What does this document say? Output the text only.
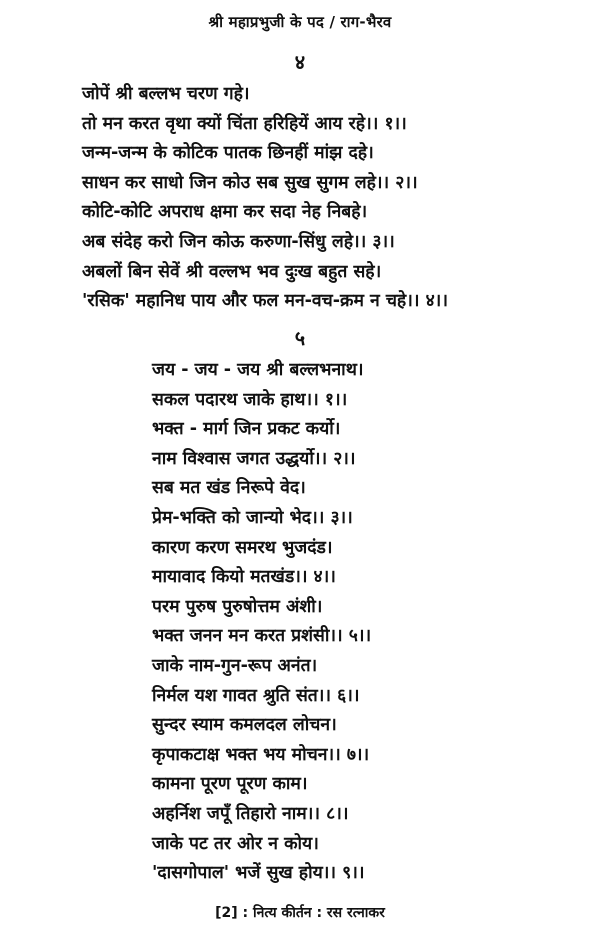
श्री महाप्रभुजी के पद / राग-भैरव
४
जोपें श्री बल्लभ चरण गहे।
तो मन करत वृथा क्यों चिंता हरिहियें आय रहे।। १।।
जन्म-जन्म के कोटिक पातक छिनहीं मांझ दहे।
साधन कर साधो जिन कोउ सब सुख सुगम लहे।। २।।
कोटि-कोटि अपराध क्षमा कर सदा नेह निबहे।
अब संदेह करो जिन कोऊ करुणा-सिंधु लहे।। ३।।
अबलों बिन सेवें श्री वल्लभ भव दुःख बहुत सहे।
'रसिक' महानिध पाय और फल मन-वच-क्रम न चहे।। ४।।
५
जय - जय - जय श्री बल्लभनाथ।
सकल पदारथ जाके हाथ।। १।।
भक्त - मार्ग जिन प्रकट कर्यो।
नाम विश्वास जगत उद्धर्यो।। २।।
सब मत खंड निरूपे वेद।
प्रेम-भक्ति को जान्यो भेद।। ३।।
कारण करण समरथ भुजदंड।
मायावाद कियो मतखंड।। ४।।
परम पुरुष पुरुषोत्तम अंशी।
भक्त जनन मन करत प्रशंसी।। ५।।
जाके नाम-गुन-रूप अनंत।
निर्मल यश गावत श्रुति संत।। ६।।
सुन्दर स्याम कमलदल लोचन।
कृपाकटाक्ष भक्त भय मोचन।। ७।।
कामना पूरण पूरण काम।
अहर्निश जपूँ तिहारो नाम।। ८।।
जाके पट तर ओर न कोय।
'दासगोपाल' भजें सुख होय।। ९।।
[2] : नित्य कीर्तन : रस रत्नाकर
